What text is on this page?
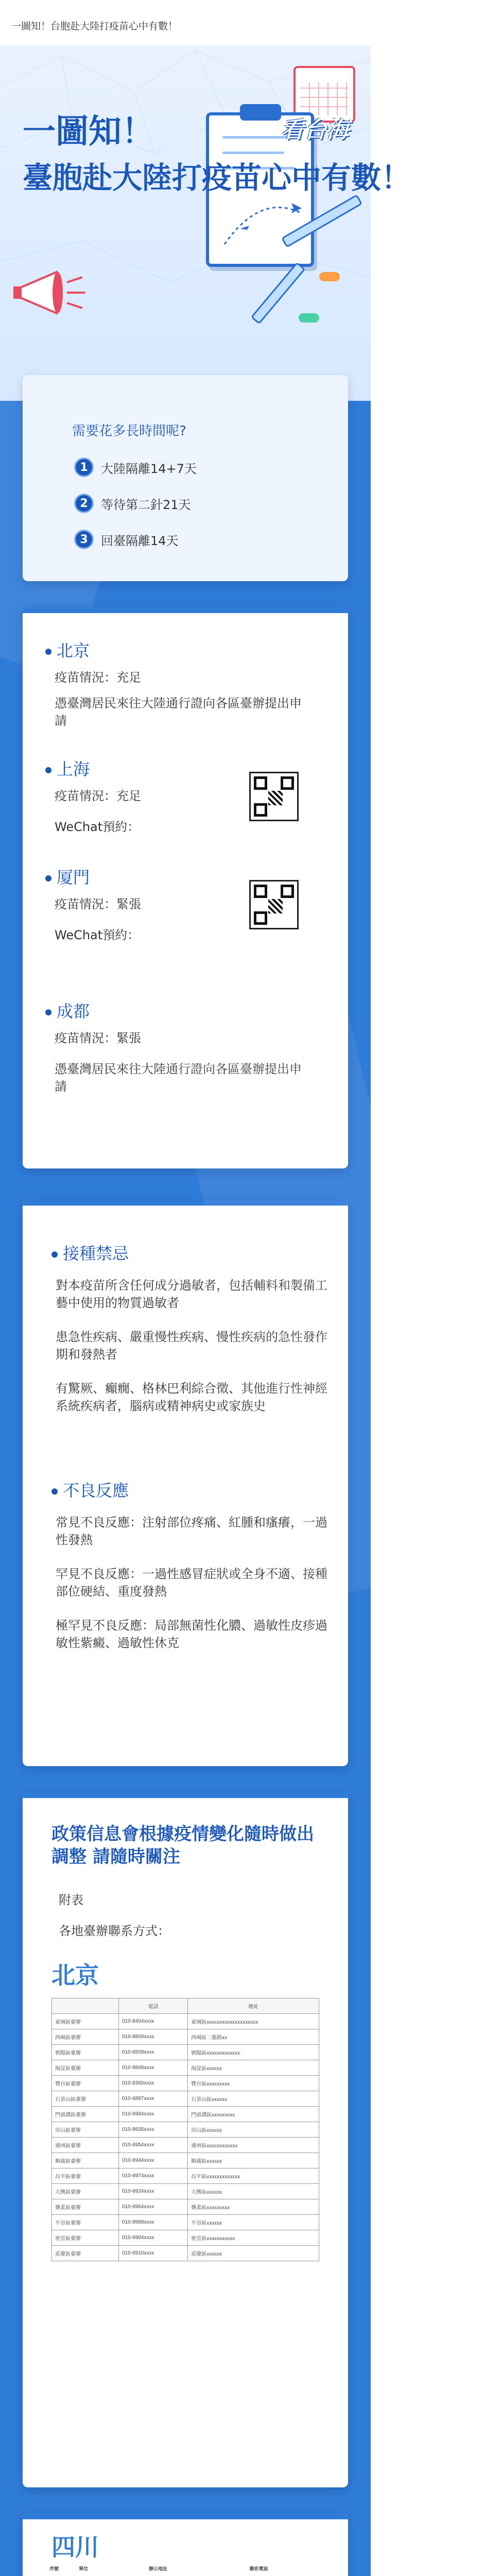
一圖知！台胞赴大陸打疫苗心中有數！
一圖知！
臺胞赴大陸打疫苗心中有數！
看台海
需要花多長時間呢?
1	大陸隔離14+7天
2	等待第二針21天
3	回臺隔離14天
北京
疫苗情況：充足
憑臺灣居民來往大陸通行證向各區臺辦提出申請
上海
疫苗情況：充足
WeChat預約：
厦門
疫苗情況：緊張
WeChat預約：
成都
疫苗情況：緊張
憑臺灣居民來往大陸通行證向各區臺辦提出申請
接種禁忌
對本疫苗所含任何成分過敏者，包括輔料和製備工藝中使用的物質過敏者
患急性疾病、嚴重慢性疾病、慢性疾病的急性發作期和發熱者
有驚厥、癲癇、格林巴利綜合徵、其他進行性神經系統疾病者，腦病或精神病史或家族史
不良反應
常見不良反應：注射部位疼痛、紅腫和瘙癢，一過性發熱
罕見不良反應：一過性感冒症狀或全身不適、接種部位硬結、重度發熱
極罕見不良反應：局部無菌性化膿、過敏性皮疹過敏性紫癜、過敏性休克
政策信息會根據疫情變化隨時做出調整 請隨時關注
附表
各地臺辦聯系方式：
北京
	電話	地址
東城區臺辦	010-8404xxxx	東城區xxxxxxxxxxxxxxxxxxxx
西城區臺辦	010-8809xxxx	西城區二龍路xx
朝陽區臺辦	010-6509xxxx	朝陽區xxxxxxxxxxxxx
海淀區臺辦	010-8848xxxx	海淀區xxxxxx
豐台區臺辦	010-8365xxxx	豐台區xxxxxxxxx
石景山區臺辦	010-6887xxxx	石景山區xxxxxx
門頭溝區臺辦	010-6984xxxx	門頭溝區xxxxxxxxx
房山區臺辦	010-8935xxxx	房山區xxxxxx
通州區臺辦	010-6954xxxx	通州區xxxxxxxxxxxx
順義區臺辦	010-6944xxxx	順義區xxxxxx
昌平區臺辦	010-6974xxxx	昌平區xxxxxxxxxxxxx
大興區臺辦	010-6924xxxx	大興區xxxxxx
懷柔區臺辦	010-6964xxxx	懷柔區xxxxxxxxx
平谷區臺辦	010-8999xxxx	平谷區xxxxxx
密雲區臺辦	010-6904xxxx	密雲區xxxxxxxxxxx
延慶區臺辦	010-6910xxxx	延慶區xxxxxx
四川
序號	單位	辦公地址	聯系電話
